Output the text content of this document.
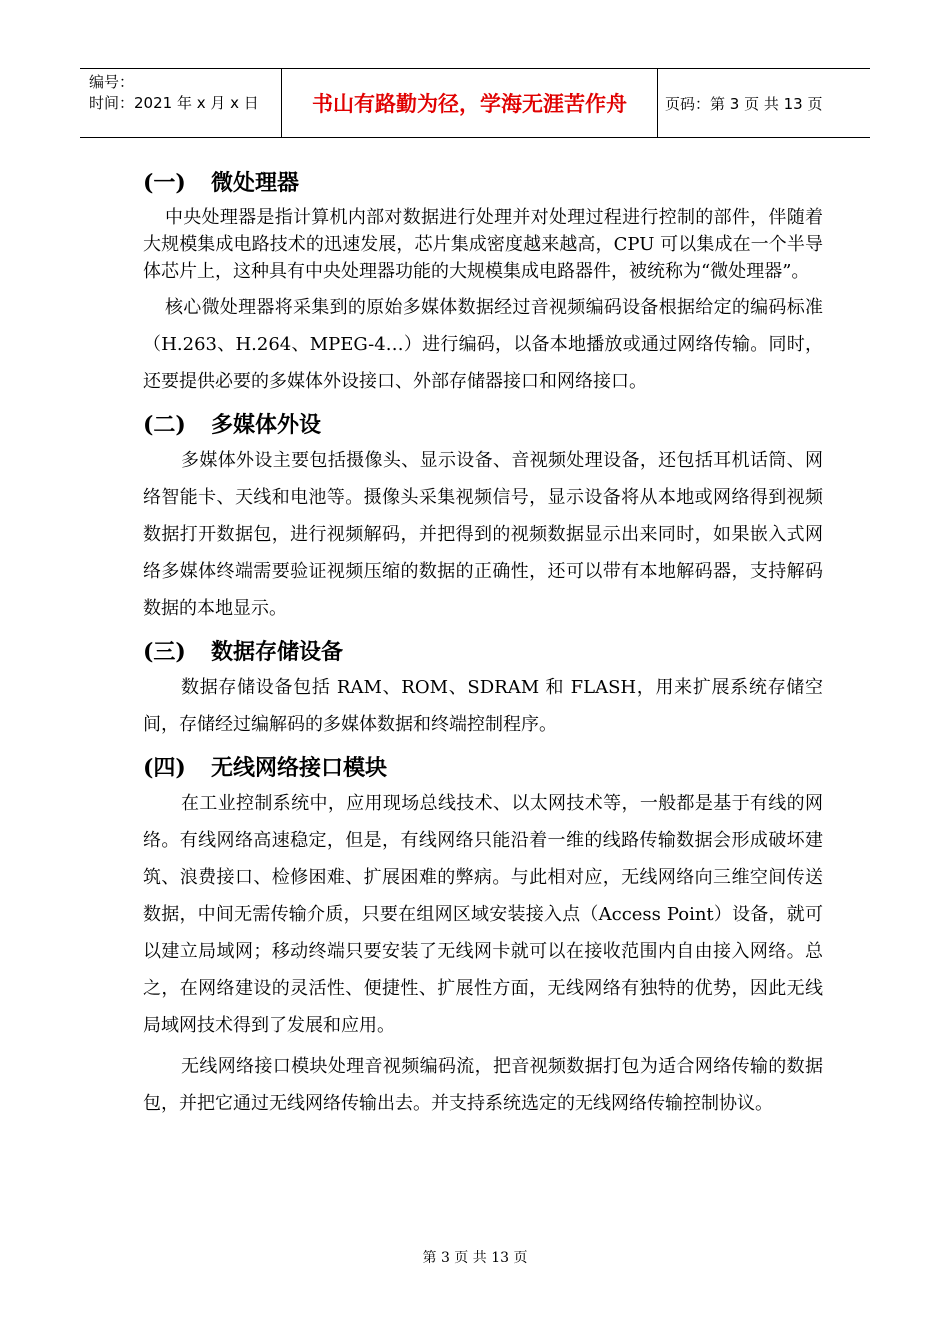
编号：
时间：2021 年 x 月 x 日	书山有路勤为径，学海无涯苦作舟	页码：第 3 页 共 13 页
(一) 微处理器

中央处理器是指计算机内部对数据进行处理并对处理过程进行控制的部件，伴随着大规模集成电路技术的迅速发展，芯片集成密度越来越高，CPU 可以集成在一个半导体芯片上，这种具有中央处理器功能的大规模集成电路器件，被统称为“微处理器”。

核心微处理器将采集到的原始多媒体数据经过音视频编码设备根据给定的编码标准（H.263、H.264、MPEG-4…）进行编码，以备本地播放或通过网络传输。同时，还要提供必要的多媒体外设接口、外部存储器接口和网络接口。

(二) 多媒体外设

多媒体外设主要包括摄像头、显示设备、音视频处理设备，还包括耳机话筒、网络智能卡、天线和电池等。摄像头采集视频信号，显示设备将从本地或网络得到视频数据打开数据包，进行视频解码，并把得到的视频数据显示出来同时，如果嵌入式网络多媒体终端需要验证视频压缩的数据的正确性，还可以带有本地解码器，支持解码数据的本地显示。

(三) 数据存储设备

数据存储设备包括 RAM、ROM、SDRAM 和 FLASH，用来扩展系统存储空间，存储经过编解码的多媒体数据和终端控制程序。

(四) 无线网络接口模块

在工业控制系统中，应用现场总线技术、以太网技术等，一般都是基于有线的网络。有线网络高速稳定，但是，有线网络只能沿着一维的线路传输数据会形成破坏建筑、浪费接口、检修困难、扩展困难的弊病。与此相对应，无线网络向三维空间传送数据，中间无需传输介质，只要在组网区域安装接入点（Access Point）设备，就可以建立局域网；移动终端只要安装了无线网卡就可以在接收范围内自由接入网络。总之，在网络建设的灵活性、便捷性、扩展性方面，无线网络有独特的优势，因此无线局域网技术得到了发展和应用。

无线网络接口模块处理音视频编码流，把音视频数据打包为适合网络传输的数据包，并把它通过无线网络传输出去。并支持系统选定的无线网络传输控制协议。

第 3 页 共 13 页
